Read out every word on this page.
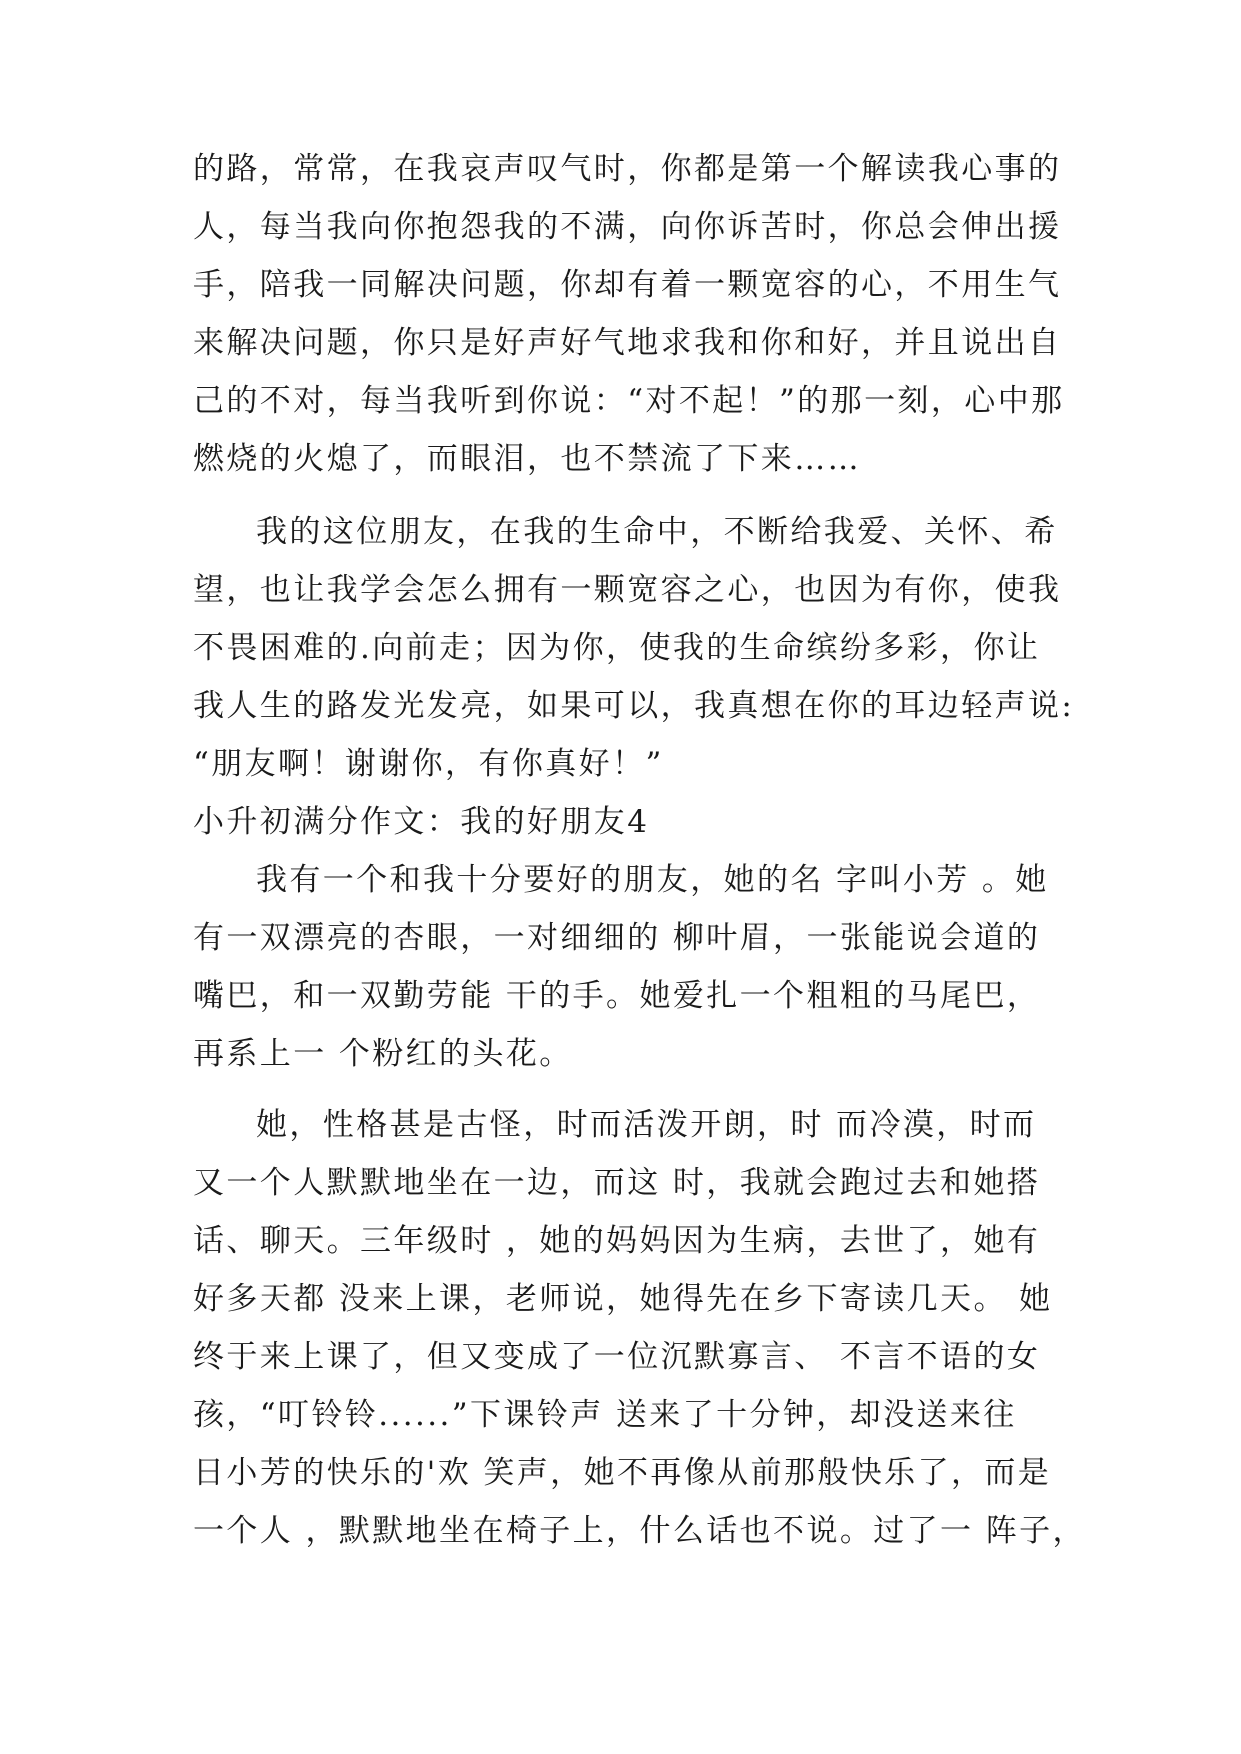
的路，常常，在我哀声叹气时，你都是第一个解读我心事的
人，每当我向你抱怨我的不满，向你诉苦时，你总会伸出援
手，陪我一同解决问题，你却有着一颗宽容的心，不用生气
来解决问题，你只是好声好气地求我和你和好，并且说出自
己的不对，每当我听到你说：“对不起！”的那一刻，心中那
燃烧的火熄了，而眼泪，也不禁流了下来……
我的这位朋友，在我的生命中，不断给我爱、关怀、希
望，也让我学会怎么拥有一颗宽容之心，也因为有你，使我
不畏困难的.向前走；因为你，使我的生命缤纷多彩，你让
我人生的路发光发亮，如果可以，我真想在你的耳边轻声说:
“朋友啊！谢谢你，有你真好！”
小升初满分作文：我的好朋友4
我有一个和我十分要好的朋友，她的名 字叫小芳 。她
有一双漂亮的杏眼，一对细细的 柳叶眉，一张能说会道的
嘴巴，和一双勤劳能 干的手。她爱扎一个粗粗的马尾巴，
再系上一 个粉红的头花。
她，性格甚是古怪，时而活泼开朗，时 而冷漠，时而
又一个人默默地坐在一边，而这 时，我就会跑过去和她搭
话、聊天。三年级时 ，她的妈妈因为生病，去世了，她有
好多天都 没来上课，老师说，她得先在乡下寄读几天。 她
终于来上课了，但又变成了一位沉默寡言、 不言不语的女
孩，“叮铃铃......”下课铃声 送来了十分钟，却没送来往
日小芳的快乐的'欢 笑声，她不再像从前那般快乐了，而是
一个人 ，默默地坐在椅子上，什么话也不说。过了一 阵子，
